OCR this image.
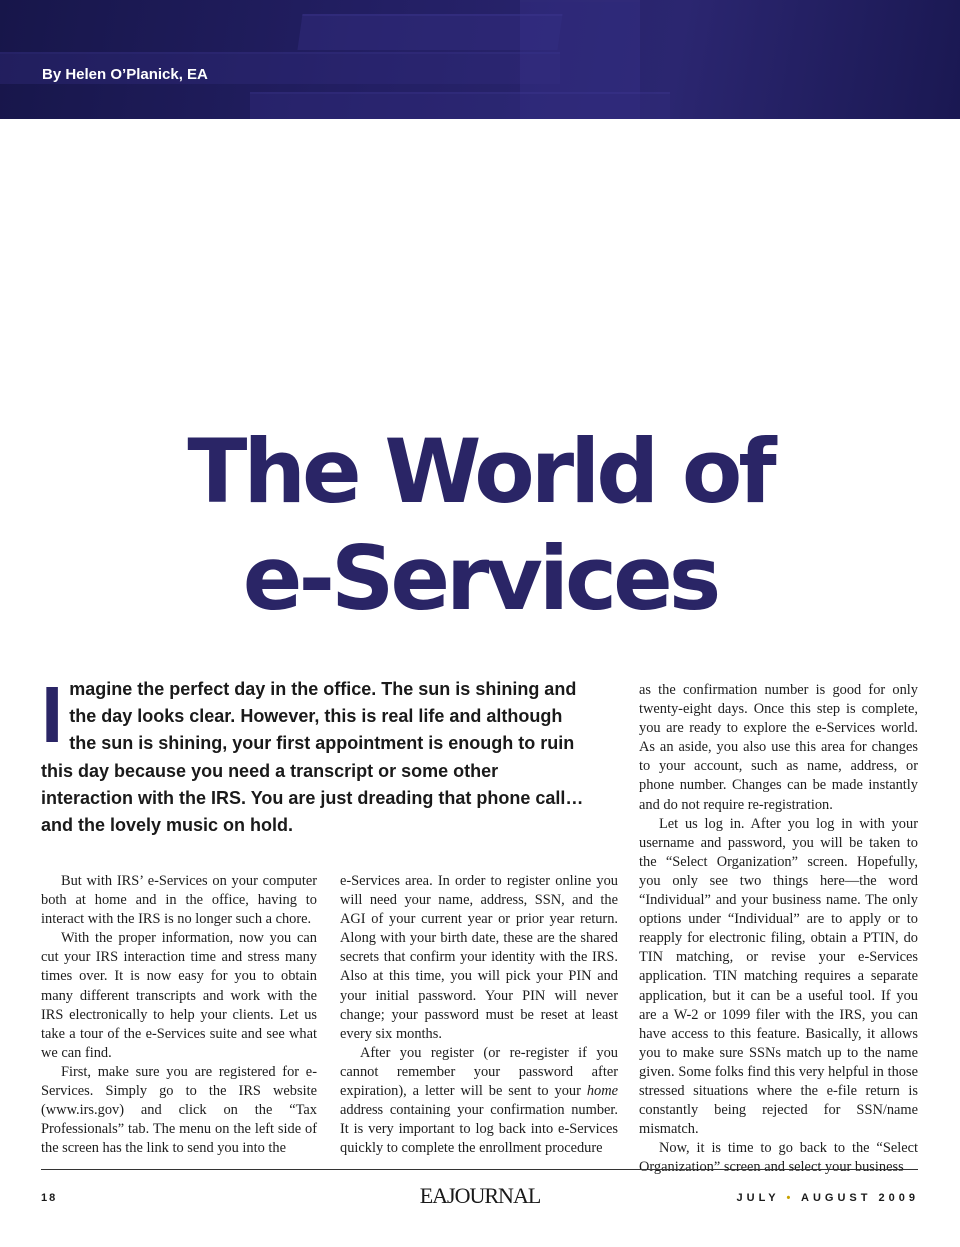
By Helen O’Planick, EA
The World of
e-Services

Imagine the perfect day in the office. The sun is shining and the day looks clear. However, this is real life and although the sun is shining, your first appointment is enough to ruin this day because you need a transcript or some other interaction with the IRS. You are just dreading that phone call…and the lovely music on hold.

But with IRS’ e-Services on your computer both at home and in the office, having to interact with the IRS is no longer such a chore.

With the proper information, now you can cut your IRS interaction time and stress many times over. It is now easy for you to obtain many different transcripts and work with the IRS electronically to help your clients. Let us take a tour of the e-Services suite and see what we can find.

First, make sure you are registered for e-Services. Simply go to the IRS website (www.irs.gov) and click on the “Tax Professionals” tab. The menu on the left side of the screen has the link to send you into the

e-Services area. In order to register online you will need your name, address, SSN, and the AGI of your current year or prior year return. Along with your birth date, these are the shared secrets that confirm your identity with the IRS. Also at this time, you will pick your PIN and your initial password. Your PIN will never change; your password must be reset at least every six months.

After you register (or re-register if you cannot remember your password after expiration), a letter will be sent to your home address containing your confirmation number. It is very important to log back into e-Services quickly to complete the enrollment procedure

as the confirmation number is good for only twenty-eight days. Once this step is complete, you are ready to explore the e-Services world. As an aside, you also use this area for changes to your account, such as name, address, or phone number. Changes can be made instantly and do not require re-registration.

Let us log in. After you log in with your username and password, you will be taken to the “Select Organization” screen. Hopefully, you only see two things here—the word “Individual” and your business name. The only options under “Individual” are to apply or to reapply for electronic filing, obtain a PTIN, do TIN matching, or revise your e-Services application. TIN matching requires a separate application, but it can be a useful tool. If you are a W-2 or 1099 filer with the IRS, you can have access to this feature. Basically, it allows you to make sure SSNs match up to the name given. Some folks find this very helpful in those stressed situations where the e-file return is constantly being rejected for SSN/name mismatch.

Now, it is time to go back to the “Select Organization” screen and select your business

18	EAJOURNAL	JULY • AUGUST 2009
